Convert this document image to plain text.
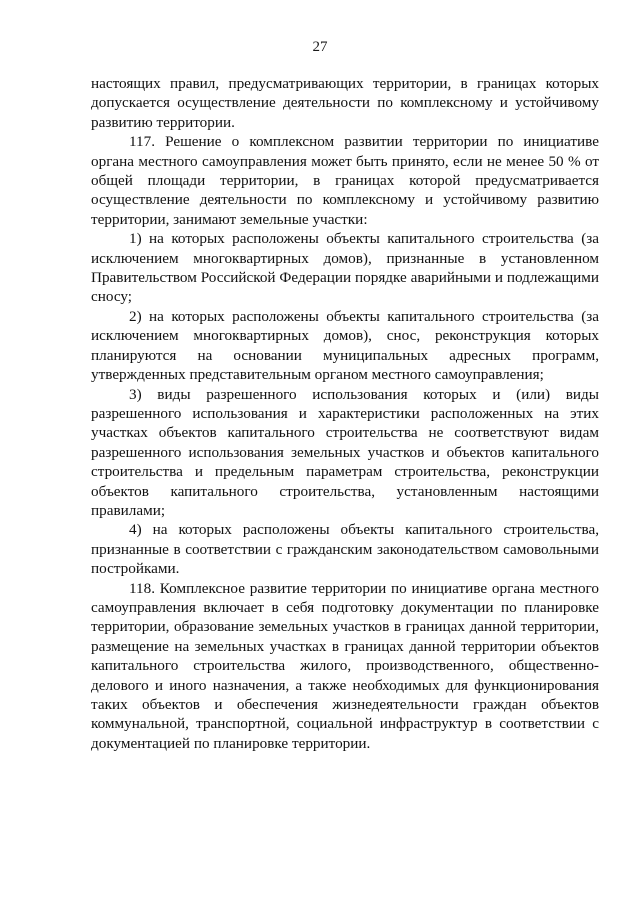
27

настоящих правил, предусматривающих территории, в границах которых допускается осуществление деятельности по комплексному и устойчивому развитию территории.

117. Решение о комплексном развитии территории по инициативе органа местного самоуправления может быть принято, если не менее 50 % от общей площади территории, в границах которой предусматривается осуществление деятельности по комплексному и устойчивому развитию территории, занимают земельные участки:

1) на которых расположены объекты капитального строительства (за исключением многоквартирных домов), признанные в установленном Правительством Российской Федерации порядке аварийными и подлежащими сносу;

2) на которых расположены объекты капитального строительства (за исключением многоквартирных домов), снос, реконструкция которых планируются на основании муниципальных адресных программ, утвержденных представительным органом местного самоуправления;

3) виды разрешенного использования которых и (или) виды разрешенного использования и характеристики расположенных на этих участках объектов капитального строительства не соответствуют видам разрешенного использования земельных участков и объектов капитального строительства и предельным параметрам строительства, реконструкции объектов капитального строительства, установленным настоящими правилами;

4) на которых расположены объекты капитального строительства, признанные в соответствии с гражданским законодательством самовольными постройками.

118. Комплексное развитие территории по инициативе органа местного самоуправления включает в себя подготовку документации по планировке территории, образование земельных участков в границах данной территории, размещение на земельных участках в границах данной территории объектов капитального строительства жилого, производственного, общественно-делового и иного назначения, а также необходимых для функционирования таких объектов и обеспечения жизнедеятельности граждан объектов коммунальной, транспортной, социальной инфраструктур в соответствии с документацией по планировке территории.
